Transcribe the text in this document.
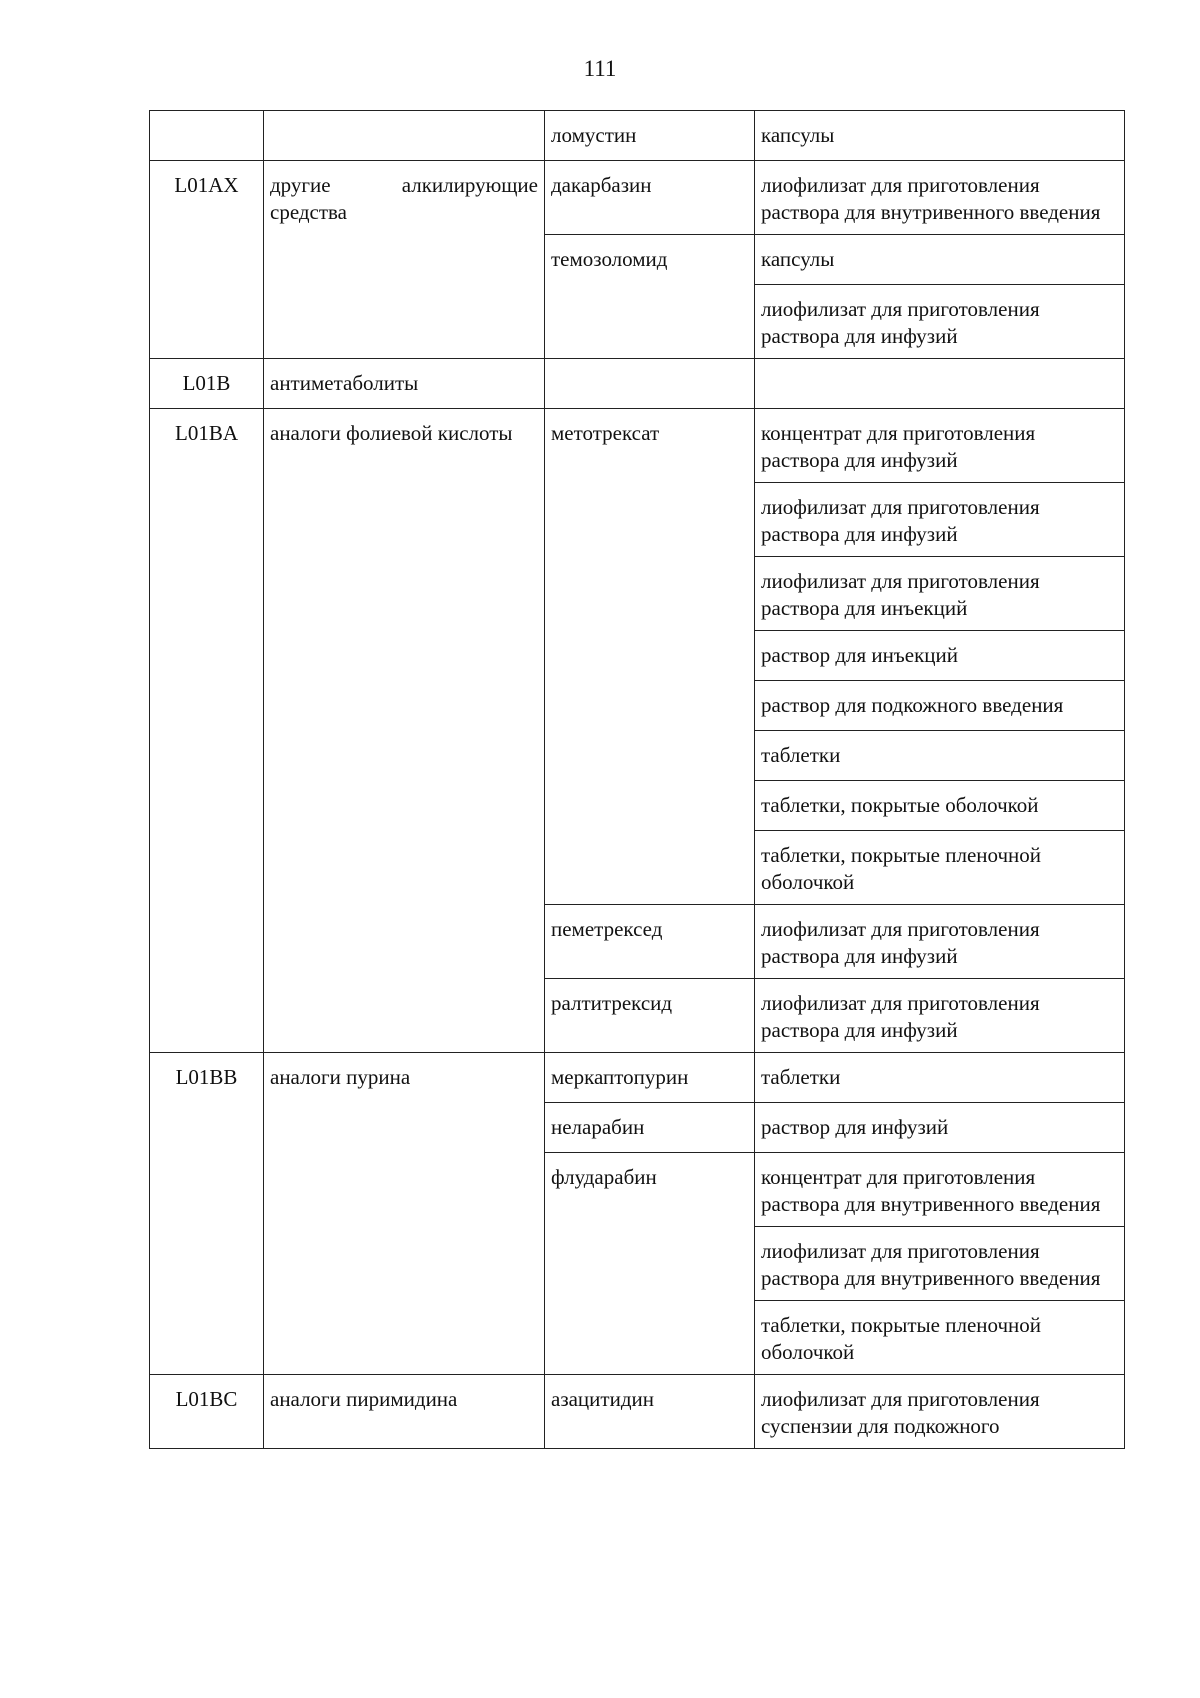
111
		ломустин	капсулы
L01AX	другие алкилирующие средства	дакарбазин	лиофилизат для приготовления раствора для внутривенного введения
		темозоломид	капсулы
			лиофилизат для приготовления раствора для инфузий
L01B	антиметаболиты		
L01BA	аналоги фолиевой кислоты	метотрексат	концентрат для приготовления раствора для инфузий
			лиофилизат для приготовления раствора для инфузий
			лиофилизат для приготовления раствора для инъекций
			раствор для инъекций
			раствор для подкожного введения
			таблетки
			таблетки, покрытые оболочкой
			таблетки, покрытые пленочной оболочкой
		пеметрексед	лиофилизат для приготовления раствора для инфузий
		ралтитрексид	лиофилизат для приготовления раствора для инфузий
L01BB	аналоги пурина	меркаптопурин	таблетки
		неларабин	раствор для инфузий
		флударабин	концентрат для приготовления раствора для внутривенного введения
			лиофилизат для приготовления раствора для внутривенного введения
			таблетки, покрытые пленочной оболочкой
L01BC	аналоги пиримидина	азацитидин	лиофилизат для приготовления суспензии для подкожного
